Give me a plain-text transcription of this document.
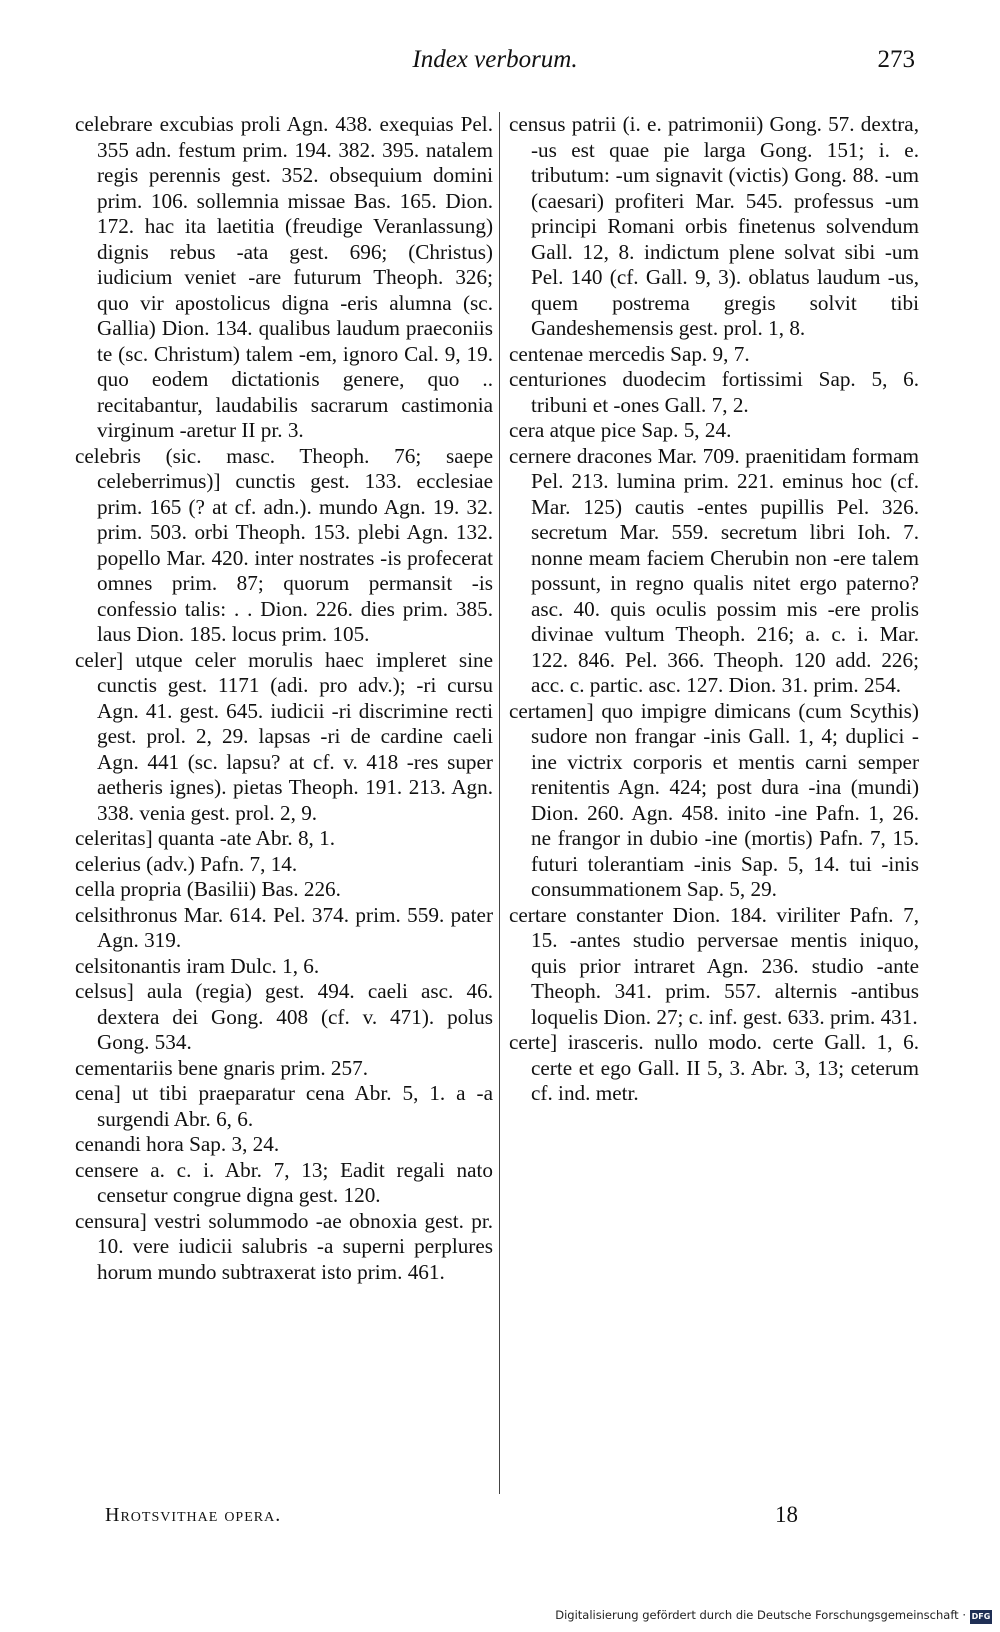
Index verborum.	273

celebrare excubias proli Agn. 438. exequias Pel. 355 adn. festum prim. 194. 382. 395. natalem regis perennis gest. 352. obsequium domini prim. 106. sollemnia missae Bas. 165. Dion. 172. hac ita laetitia (freudige Veranlassung) dignis rebus -ata gest. 696; (Christus) iudicium veniet -are futurum Theoph. 326; quo vir apostolicus digna -eris alumna (sc. Gallia) Dion. 134. qualibus laudum praeconiis te (sc. Christum) talem -em, ignoro Cal. 9, 19. quo eodem dictationis genere, quo .. recitabantur, laudabilis sacrarum castimonia virginum -aretur II pr. 3.

celebris (sic. masc. Theoph. 76; saepe celeberrimus)] cunctis gest. 133. ecclesiae prim. 165 (? at cf. adn.). mundo Agn. 19. 32. prim. 503. orbi Theoph. 153. plebi Agn. 132. popello Mar. 420. inter nostrates -is profecerat omnes prim. 87; quorum permansit -is confessio talis: . . Dion. 226. dies prim. 385. laus Dion. 185. locus prim. 105.

celer] utque celer morulis haec impleret sine cunctis gest. 1171 (adi. pro adv.); -ri cursu Agn. 41. gest. 645. iudicii -ri discrimine recti gest. prol. 2, 29. lapsas -ri de cardine caeli Agn. 441 (sc. lapsu? at cf. v. 418 -res super aetheris ignes). pietas Theoph. 191. 213. Agn. 338. venia gest. prol. 2, 9.

celeritas] quanta -ate Abr. 8, 1.

celerius (adv.) Pafn. 7, 14.

cella propria (Basilii) Bas. 226.

celsithronus Mar. 614. Pel. 374. prim. 559. pater Agn. 319.

celsitonantis iram Dulc. 1, 6.

celsus] aula (regia) gest. 494. caeli asc. 46. dextera dei Gong. 408 (cf. v. 471). polus Gong. 534.

cementariis bene gnaris prim. 257.

cena] ut tibi praeparatur cena Abr. 5, 1. a -a surgendi Abr. 6, 6.

cenandi hora Sap. 3, 24.

censere a. c. i. Abr. 7, 13; Eadit regali nato censetur congrue digna gest. 120.

censura] vestri solummodo -ae obnoxia gest. pr. 10. vere iudicii salubris -a superni perplures horum mundo subtraxerat isto prim. 461.

census patrii (i. e. patrimonii) Gong. 57. dextra, -us est quae pie larga Gong. 151; i. e. tributum: -um signavit (victis) Gong. 88. -um (caesari) profiteri Mar. 545. professus -um principi Romani orbis finetenus solvendum Gall. 12, 8. indictum plene solvat sibi -um Pel. 140 (cf. Gall. 9, 3). oblatus laudum -us, quem postrema gregis solvit tibi Gandeshemensis gest. prol. 1, 8.

centenae mercedis Sap. 9, 7.

centuriones duodecim fortissimi Sap. 5, 6. tribuni et -ones Gall. 7, 2.

cera atque pice Sap. 5, 24.

cernere dracones Mar. 709. praenitidam formam Pel. 213. lumina prim. 221. eminus hoc (cf. Mar. 125) cautis -entes pupillis Pel. 326. secretum Mar. 559. secretum libri Ioh. 7. nonne meam faciem Cherubin non -ere talem possunt, in regno qualis nitet ergo paterno? asc. 40. quis oculis possim mis -ere prolis divinae vultum Theoph. 216; a. c. i. Mar. 122. 846. Pel. 366. Theoph. 120 add. 226; acc. c. partic. asc. 127. Dion. 31. prim. 254.

certamen] quo impigre dimicans (cum Scythis) sudore non frangar -inis Gall. 1, 4; duplici -ine victrix corporis et mentis carni semper renitentis Agn. 424; post dura -ina (mundi) Dion. 260. Agn. 458. inito -ine Pafn. 1, 26. ne frangor in dubio -ine (mortis) Pafn. 7, 15. futuri tolerantiam -inis Sap. 5, 14. tui -inis consummationem Sap. 5, 29.

certare constanter Dion. 184. viriliter Pafn. 7, 15. -antes studio perversae mentis iniquo, quis prior intraret Agn. 236. studio -ante Theoph. 341. prim. 557. alternis -antibus loquelis Dion. 27; c. inf. gest. 633. prim. 431.

certe] irasceris. nullo modo. certe Gall. 1, 6. certe et ego Gall. II 5, 3. Abr. 3, 13; ceterum cf. ind. metr.

Hrotsvithae opera.	18
Digitalisierung gefördert durch die Deutsche Forschungsgemeinschaft · DFG
